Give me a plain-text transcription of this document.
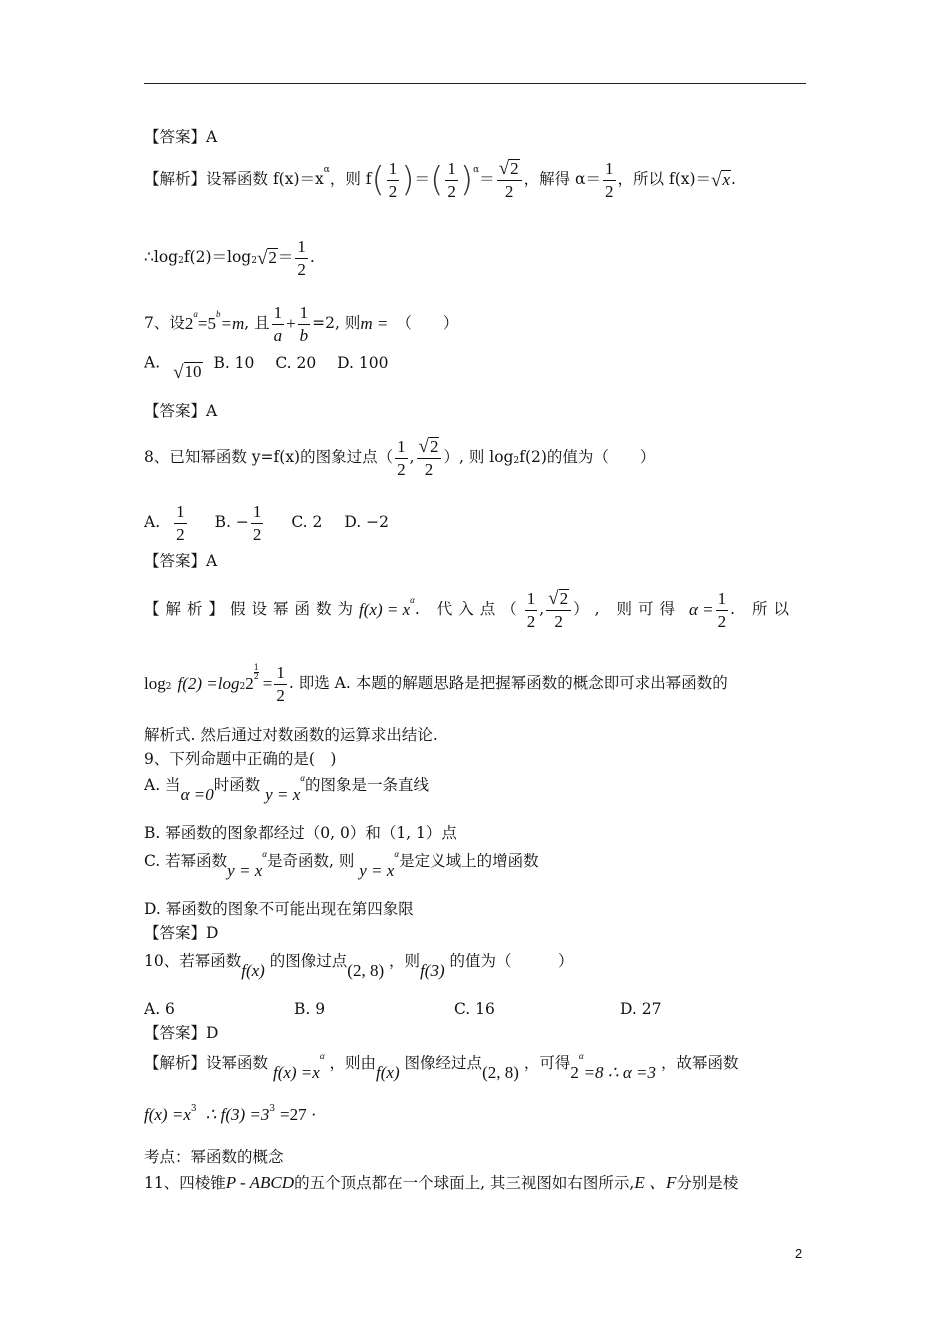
【答案】A
【解析】 设幂函数 f(x)＝x α ，则 f ( $\frac{1}{2}$ ) ＝ ( $\frac{1}{2}$ ) $\alpha = \frac{√ 2}{2}$ ，解得 $\alpha= \frac{1}{2}$ ，所以 f(x)＝ √ x .
∴log 2 f(2)＝log 2 √ $2 = \frac{1}{2}$ .
7、设 2 a =5 b =m , 且 $\frac{1}{a} + \frac{1}{b} =2$, 则 m = （　　）
A. √ 10 B. 10 C. 20 D. 100
【答案】A
8、已知幂函数 y=f(x)的图象过点（ $\frac{1}{2}$ , $\frac{√ 2}{2}$ ）, 则 log 2 f(2)的值为（　　）
A. $\frac{1}{2} B$. − $\frac{1}{2} C$. 2 D. −2
【答案】A
【解析】假设幂函数为 f(x) = x α . 代入点（ $\frac{1}{2}$ , $\frac{√ 2}{2}$ ）, 则可得 $\alpha = \frac{1}{2}$ . 所以
log 2 f(2) =log 2 2
$\frac{1}{2}$
= $\frac{1}{2}$ . 即选 A. 本题的解题思路是把握幂函数的概念即可求出幂函数的
解析式. 然后通过对数函数的运算求出结论.
9、下列命题中正确的是(　)
A. 当α =0时函数 $y = x^\alpha$的图象是一条直线
B. 幂函数的图象都经过（0, 0）和（1, 1）点
C. 若幂函数$y = x^\alpha$是奇函数, 则 $y = x^\alpha$是定义域上的增函数
D. 幂函数的图象不可能出现在第四象限
【答案】D
10、若幂函数f(x) 的图像过点(2, 8) ，则f(3) 的值为（　　　）
A. 6	B. 9	C. 16	D. 27
【答案】D
【解析】设幂函数 $f(x) =x^\alpha$ ，则由f(x) 图像经过点(2, 8) ，可得$2^\alpha=8$ ∴ α =3 ，故幂函数
$f(x) =x^3$ ∴ $f(3) =3^3 =27$ ·
考点：幂函数的概念
11、四棱锥P - ABCD的五个顶点都在一个球面上, 其三视图如右图所示,E 、F分别是棱
2
